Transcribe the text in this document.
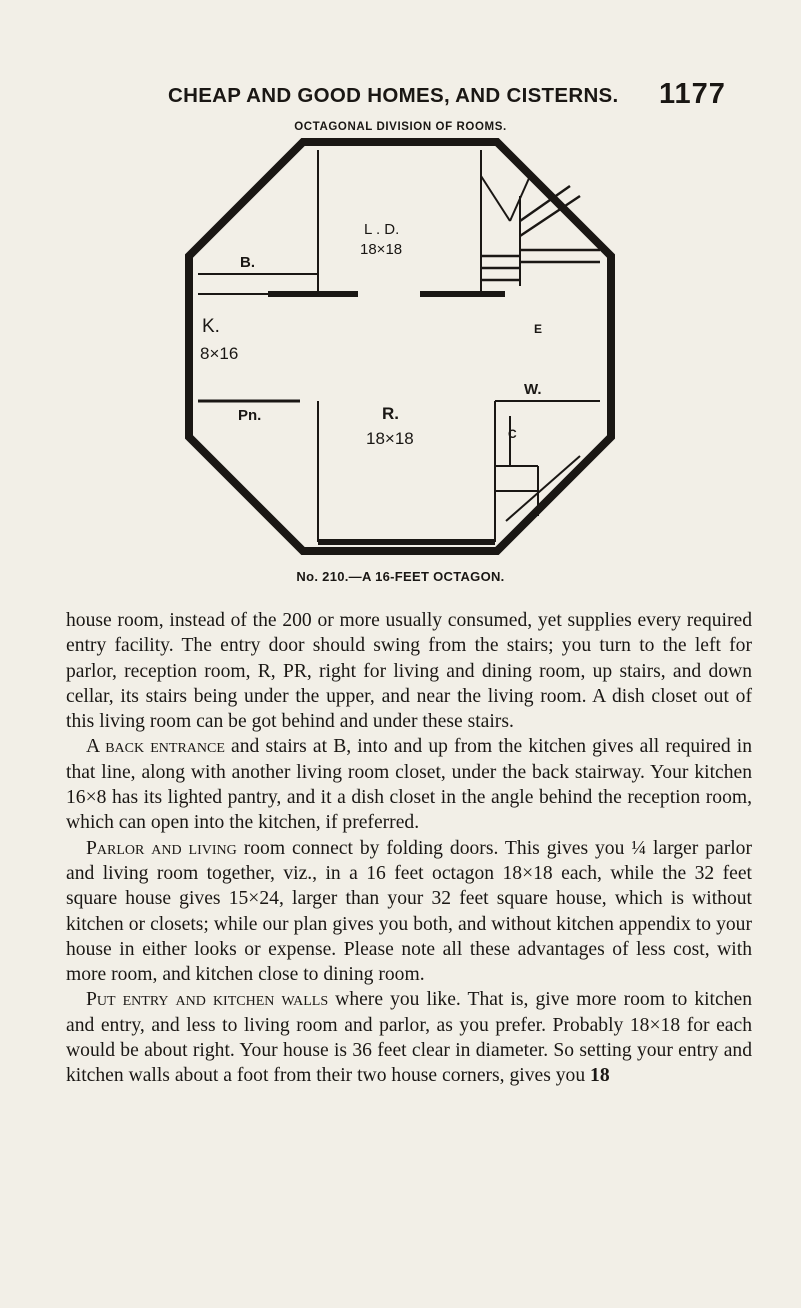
CHEAP AND GOOD HOMES, AND CISTERNS. 1177
OCTAGONAL DIVISION OF ROOMS.
B.
L . D.
18×18
K.
8×16
E
W.
Pn.	R.
18×18	C
No. 210.—A 16-FEET OCTAGON.

house room, instead of the 200 or more usually consumed, yet supplies every required entry facility. The entry door should swing from the stairs; you turn to the left for parlor, reception room, R, PR, right for living and dining room, up stairs, and down cellar, its stairs being under the upper, and near the living room. A dish closet out of this living room can be got behind and under these stairs.

A back entrance and stairs at B, into and up from the kitchen gives all required in that line, along with another living room closet, under the back stairway. Your kitchen 16×8 has its lighted pantry, and it a dish closet in the angle behind the reception room, which can open into the kitchen, if preferred.

Parlor and living room connect by folding doors. This gives you ¼ larger parlor and living room together, viz., in a 16 feet octagon 18×18 each, while the 32 feet square house gives 15×24, larger than your 32 feet square house, which is without kitchen or closets; while our plan gives you both, and without kitchen appendix to your house in either looks or expense. Please note all these advantages of less cost, with more room, and kitchen close to dining room.

Put entry and kitchen walls where you like. That is, give more room to kitchen and entry, and less to living room and parlor, as you prefer. Probably 18×18 for each would be about right. Your house is 36 feet clear in diameter. So setting your entry and kitchen walls about a foot from their two house corners, gives you 18
